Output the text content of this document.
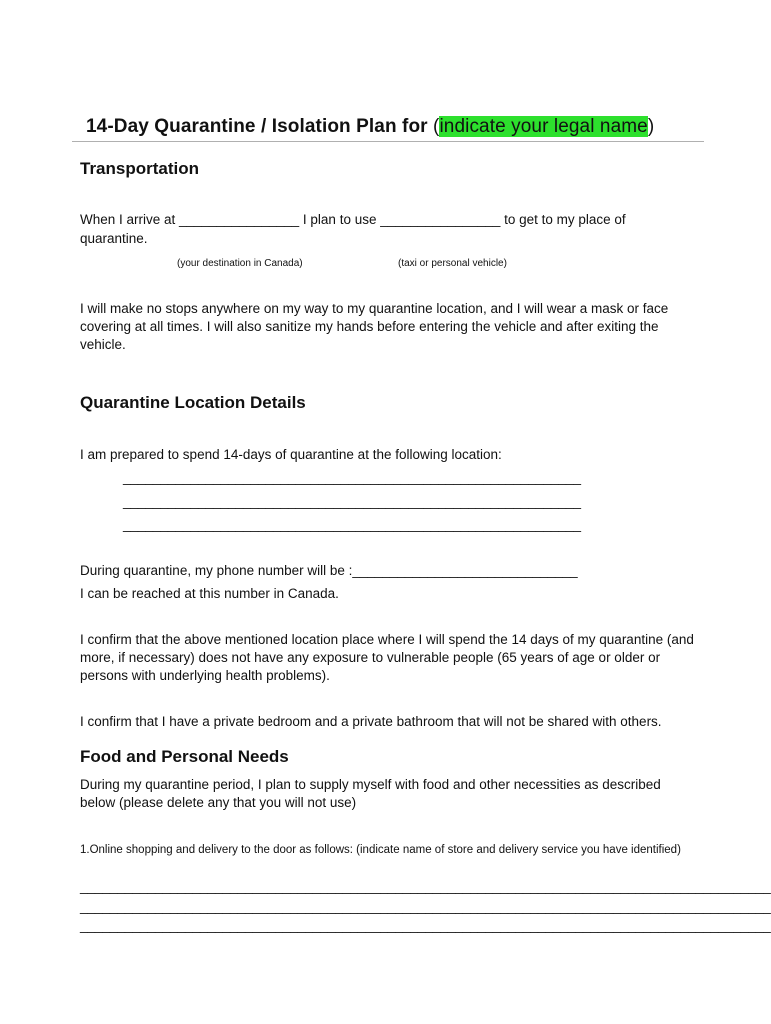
14-Day Quarantine / Isolation Plan for (indicate your legal name)
Transportation
When I arrive at ________________ I plan to use ________________ to get to my place of
quarantine.
(your destination in Canada)	(taxi or personal vehicle)
I will make no stops anywhere on my way to my quarantine location, and I will wear a mask or face covering at all times. I will also sanitize my hands before entering the vehicle and after exiting the vehicle.
Quarantine Location Details
I am prepared to spend 14-days of quarantine at the following location:
_____________________________________________________________
_____________________________________________________________
_____________________________________________________________
During quarantine, my phone number will be :______________________________
I can be reached at this number in Canada.
I confirm that the above mentioned location place where I will spend the 14 days of my quarantine (and more, if necessary) does not have any exposure to vulnerable people (65 years of age or older or persons with underlying health problems).
I confirm that I have a private bedroom and a private bathroom that will not be shared with others.
Food and Personal Needs
During my quarantine period, I plan to supply myself with food and other necessities as described below (please delete any that you will not use)
1.Online shopping and delivery to the door as follows: (indicate name of store and delivery service you have identified)
____________________________________________________________________________________________
____________________________________________________________________________________________
____________________________________________________________________________________________
